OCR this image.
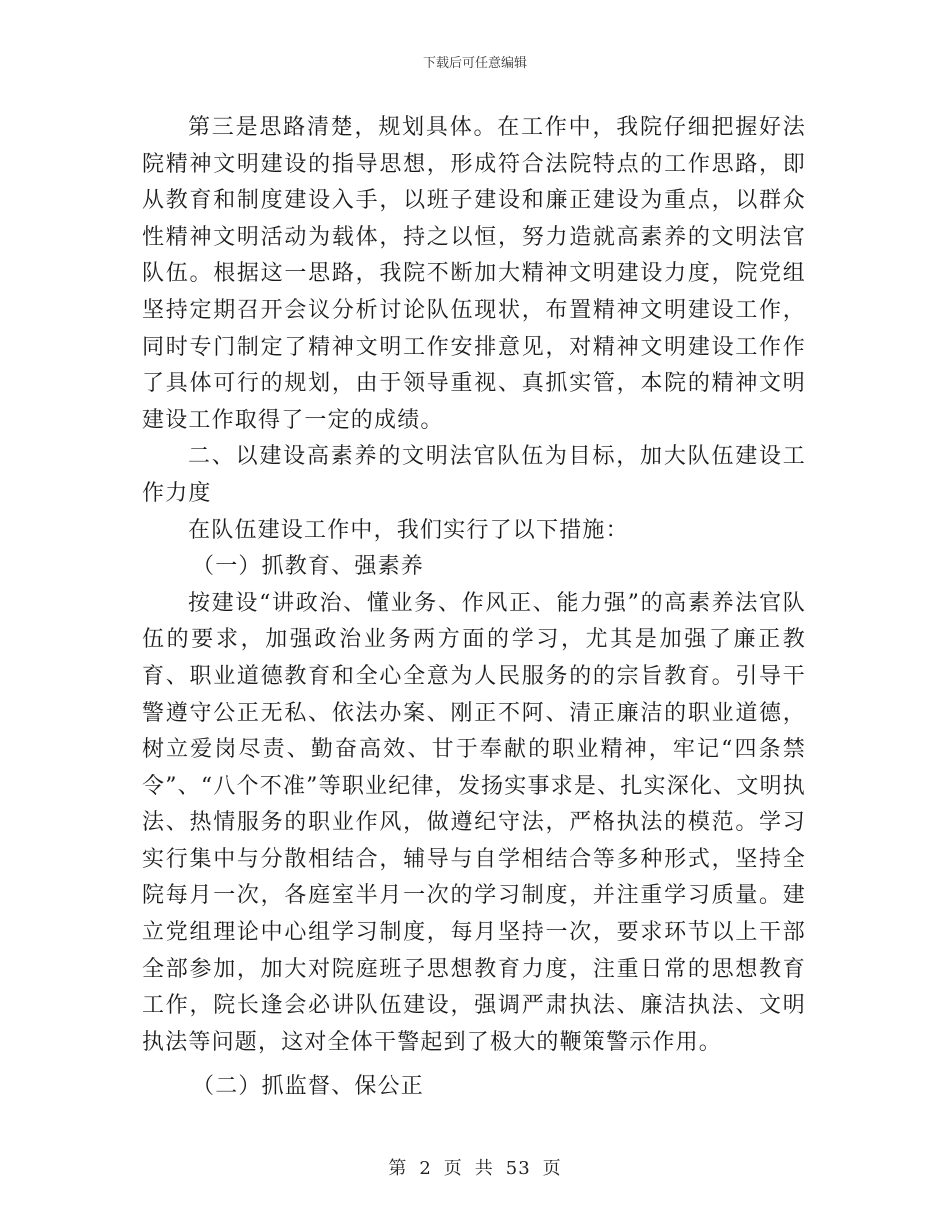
下载后可任意编辑

第三是思路清楚，规划具体。在工作中，我院仔细把握好法院精神文明建设的指导思想，形成符合法院特点的工作思路，即从教育和制度建设入手，以班子建设和廉正建设为重点，以群众性精神文明活动为载体，持之以恒，努力造就高素养的文明法官队伍。根据这一思路，我院不断加大精神文明建设力度，院党组坚持定期召开会议分析讨论队伍现状，布置精神文明建设工作，同时专门制定了精神文明工作安排意见，对精神文明建设工作作了具体可行的规划，由于领导重视、真抓实管，本院的精神文明建设工作取得了一定的成绩。

二、以建设高素养的文明法官队伍为目标，加大队伍建设工作力度

在队伍建设工作中，我们实行了以下措施：

（一）抓教育、强素养

按建设“讲政治、懂业务、作风正、能力强”的高素养法官队伍的要求，加强政治业务两方面的学习，尤其是加强了廉正教育、职业道德教育和全心全意为人民服务的的宗旨教育。引导干警遵守公正无私、依法办案、刚正不阿、清正廉洁的职业道德，树立爱岗尽责、勤奋高效、甘于奉献的职业精神，牢记“四条禁令”、“八个不准”等职业纪律，发扬实事求是、扎实深化、文明执法、热情服务的职业作风，做遵纪守法，严格执法的模范。学习实行集中与分散相结合，辅导与自学相结合等多种形式，坚持全院每月一次，各庭室半月一次的学习制度，并注重学习质量。建立党组理论中心组学习制度，每月坚持一次，要求环节以上干部全部参加，加大对院庭班子思想教育力度，注重日常的思想教育工作，院长逢会必讲队伍建设，强调严肃执法、廉洁执法、文明执法等问题，这对全体干警起到了极大的鞭策警示作用。

（二）抓监督、保公正

第 2 页 共 53 页
